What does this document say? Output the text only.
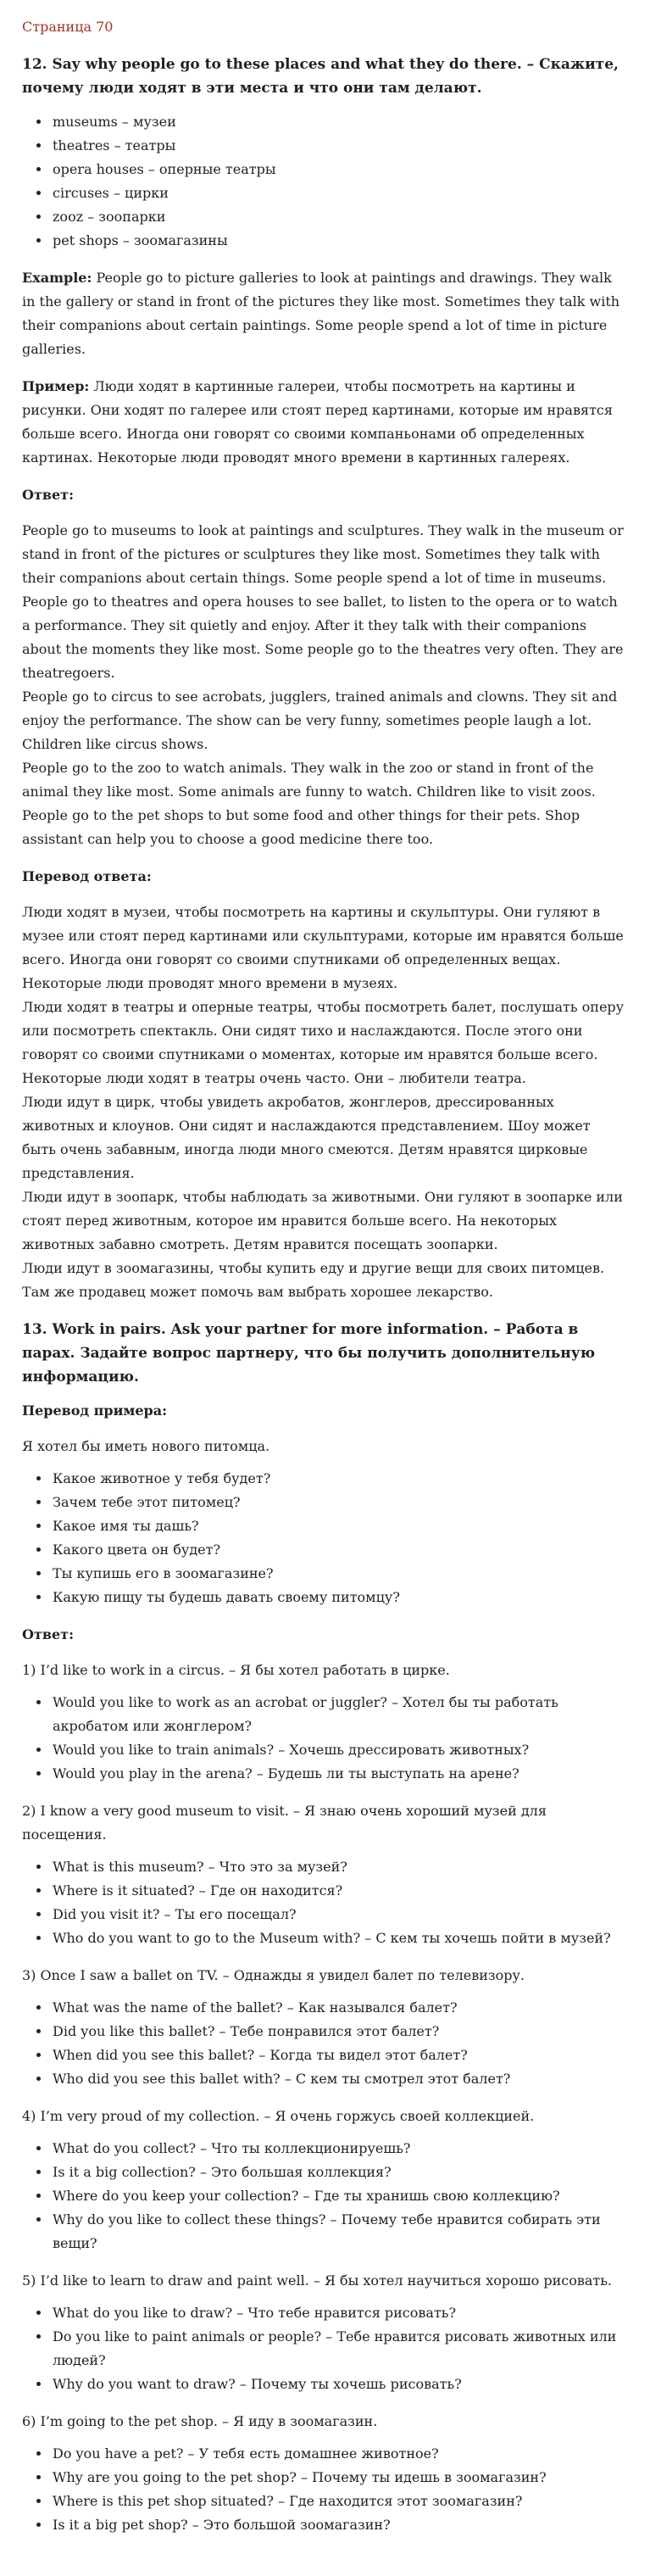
Страница 70
12. Say why people go to these places and what they do there. – Скажите, почему люди ходят в эти места и что они там делают.
• museums – музеи
• theatres – театры
• opera houses – оперные театры
• circuses – цирки
• zooz – зоопарки
• pet shops – зоомагазины

Example: People go to picture galleries to look at paintings and drawings. They walk in the gallery or stand in front of the pictures they like most. Sometimes they talk with their companions about certain paintings. Some people spend a lot of time in picture galleries.

Пример: Люди ходят в картинные галереи, чтобы посмотреть на картины и рисунки. Они ходят по галерее или стоят перед картинами, которые им нравятся больше всего. Иногда они говорят со своими компаньонами об определенных картинах. Некоторые люди проводят много времени в картинных галереях.

Ответ:
People go to museums to look at paintings and sculptures. They walk in the museum or stand in front of the pictures or sculptures they like most. Sometimes they talk with their companions about certain things. Some people spend a lot of time in museums.
People go to theatres and opera houses to see ballet, to listen to the opera or to watch a performance. They sit quietly and enjoy. After it they talk with their companions about the moments they like most. Some people go to the theatres very often. They are theatregoers.
People go to circus to see acrobats, jugglers, trained animals and clowns. They sit and enjoy the performance. The show can be very funny, sometimes people laugh a lot. Children like circus shows.
People go to the zoo to watch animals. They walk in the zoo or stand in front of the animal they like most. Some animals are funny to watch. Children like to visit zoos.
People go to the pet shops to but some food and other things for their pets. Shop assistant can help you to choose a good medicine there too.
Перевод ответа:
Люди ходят в музеи, чтобы посмотреть на картины и скульптуры. Они гуляют в музее или стоят перед картинами или скульптурами, которые им нравятся больше всего. Иногда они говорят со своими спутниками об определенных вещах. Некоторые люди проводят много времени в музеях.
Люди ходят в театры и оперные театры, чтобы посмотреть балет, послушать оперу или посмотреть спектакль. Они сидят тихо и наслаждаются. После этого они говорят со своими спутниками о моментах, которые им нравятся больше всего. Некоторые люди ходят в театры очень часто. Они – любители театра.
Люди идут в цирк, чтобы увидеть акробатов, жонглеров, дрессированных животных и клоунов. Они сидят и наслаждаются представлением. Шоу может быть очень забавным, иногда люди много смеются. Детям нравятся цирковые представления.
Люди идут в зоопарк, чтобы наблюдать за животными. Они гуляют в зоопарке или стоят перед животным, которое им нравится больше всего. На некоторых животных забавно смотреть. Детям нравится посещать зоопарки.
Люди идут в зоомагазины, чтобы купить еду и другие вещи для своих питомцев. Там же продавец может помочь вам выбрать хорошее лекарство.
13. Work in pairs. Ask your partner for more information. – Работа в парах. Задайте вопрос партнеру, что бы получить дополнительную информацию.
Перевод примера:

Я хотел бы иметь нового питомца.

• Какое животное у тебя будет?
• Зачем тебе этот питомец?
• Какое имя ты дашь?
• Какого цвета он будет?
• Ты купишь его в зоомагазине?
• Какую пищу ты будешь давать своему питомцу?
Ответ:

1) I’d like to work in a circus. – Я бы хотел работать в цирке.

• Would you like to work as an acrobat or juggler? – Хотел бы ты работать акробатом или жонглером?
• Would you like to train animals? – Хочешь дрессировать животных?
• Would you play in the arena? – Будешь ли ты выступать на арене?

2) I know a very good museum to visit. – Я знаю очень хороший музей для посещения.

• What is this museum? – Что это за музей?
• Where is it situated? – Где он находится?
• Did you visit it? – Ты его посещал?
• Who do you want to go to the Museum with? – С кем ты хочешь пойти в музей?

3) Once I saw a ballet on TV. – Однажды я увидел балет по телевизору.

• What was the name of the ballet? – Как назывался балет?
• Did you like this ballet? – Тебе понравился этот балет?
• When did you see this ballet? – Когда ты видел этот балет?
• Who did you see this ballet with? – С кем ты смотрел этот балет?

4) I’m very proud of my collection. – Я очень горжусь своей коллекцией.

• What do you collect? – Что ты коллекционируешь?
• Is it a big collection? – Это большая коллекция?
• Where do you keep your collection? – Где ты хранишь свою коллекцию?
• Why do you like to collect these things? – Почему тебе нравится собирать эти вещи?

5) I’d like to learn to draw and paint well. – Я бы хотел научиться хорошо рисовать.

• What do you like to draw? – Что тебе нравится рисовать?
• Do you like to paint animals or people? – Тебе нравится рисовать животных или людей?
• Why do you want to draw? – Почему ты хочешь рисовать?

6) I’m going to the pet shop. – Я иду в зоомагазин.

• Do you have a pet? – У тебя есть домашнее животное?
• Why are you going to the pet shop? – Почему ты идешь в зоомагазин?
• Where is this pet shop situated? – Где находится этот зоомагазин?
• Is it a big pet shop? – Это большой зоомагазин?
